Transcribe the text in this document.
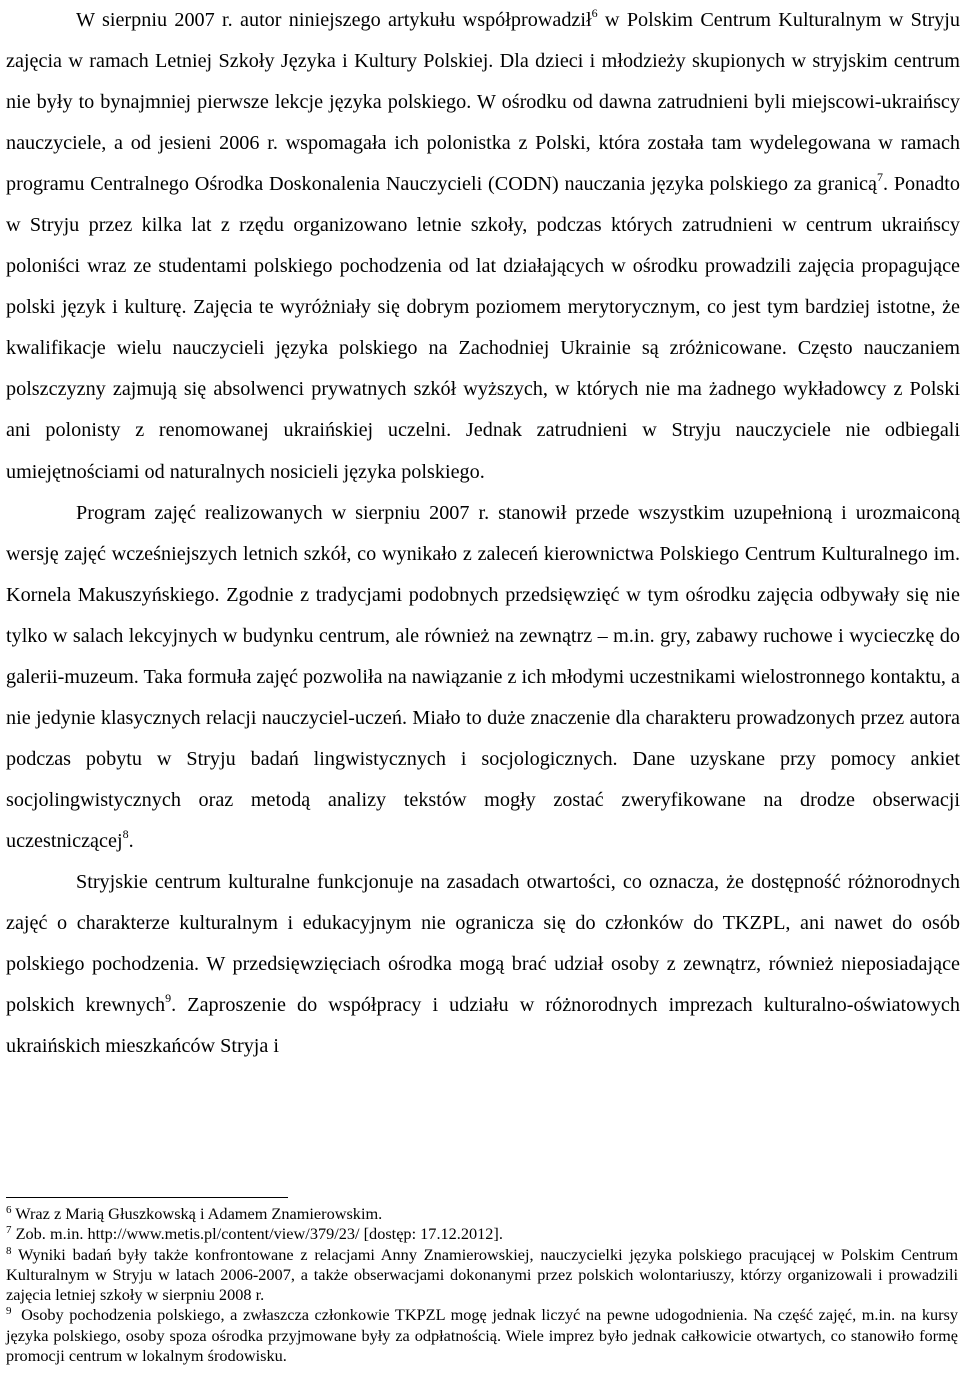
W sierpniu 2007 r. autor niniejszego artykułu współprowadził$^6$ w Polskim Centrum Kulturalnym w Stryju zajęcia w ramach Letniej Szkoły Języka i Kultury Polskiej. Dla dzieci i młodzieży skupionych w stryjskim centrum nie były to bynajmniej pierwsze lekcje języka polskiego. W ośrodku od dawna zatrudnieni byli miejscowi-ukraińscy nauczyciele, a od jesieni 2006 r. wspomagała ich polonistka z Polski, która została tam wydelegowana w ramach programu Centralnego Ośrodka Doskonalenia Nauczycieli (CODN) nauczania języka polskiego za granicą$^7$. Ponadto w Stryju przez kilka lat z rzędu organizowano letnie szkoły, podczas których zatrudnieni w centrum ukraińscy poloniści wraz ze studentami polskiego pochodzenia od lat działających w ośrodku prowadzili zajęcia propagujące polski język i kulturę. Zajęcia te wyróżniały się dobrym poziomem merytorycznym, co jest tym bardziej istotne, że kwalifikacje wielu nauczycieli języka polskiego na Zachodniej Ukrainie są zróżnicowane. Często nauczaniem polszczyzny zajmują się absolwenci prywatnych szkół wyższych, w których nie ma żadnego wykładowcy z Polski ani polonisty z renomowanej ukraińskiej uczelni. Jednak zatrudnieni w Stryju nauczyciele nie odbiegali umiejętnościami od naturalnych nosicieli języka polskiego.

Program zajęć realizowanych w sierpniu 2007 r. stanowił przede wszystkim uzupełnioną i urozmaiconą wersję zajęć wcześniejszych letnich szkół, co wynikało z zaleceń kierownictwa Polskiego Centrum Kulturalnego im. Kornela Makuszyńskiego. Zgodnie z tradycjami podobnych przedsięwzięć w tym ośrodku zajęcia odbywały się nie tylko w salach lekcyjnych w budynku centrum, ale również na zewnątrz – m.in. gry, zabawy ruchowe i wycieczkę do galerii-muzeum. Taka formuła zajęć pozwoliła na nawiązanie z ich młodymi uczestnikami wielostronnego kontaktu, a nie jedynie klasycznych relacji nauczyciel-uczeń. Miało to duże znaczenie dla charakteru prowadzonych przez autora podczas pobytu w Stryju badań lingwistycznych i socjologicznych. Dane uzyskane przy pomocy ankiet socjolingwistycznych oraz metodą analizy tekstów mogły zostać zweryfikowane na drodze obserwacji uczestniczącej$^8$.

Stryjskie centrum kulturalne funkcjonuje na zasadach otwartości, co oznacza, że dostępność różnorodnych zajęć o charakterze kulturalnym i edukacyjnym nie ogranicza się do członków do TKZPL, ani nawet do osób polskiego pochodzenia. W przedsięwzięciach ośrodka mogą brać udział osoby z zewnątrz, również nieposiadające polskich krewnych$^9$. Zaproszenie do współpracy i udziału w różnorodnych imprezach kulturalno-oświatowych ukraińskich mieszkańców Stryja i

$^6$ Wraz z Marią Głuszkowską i Adamem Znamierowskim.

$^7$ Zob. m.in. http://www.metis.pl/content/view/379/23/ [dostęp: 17.12.2012].

$^8$ Wyniki badań były także konfrontowane z relacjami Anny Znamierowskiej, nauczycielki języka polskiego pracującej w Polskim Centrum Kulturalnym w Stryju w latach 2006-2007, a także obserwacjami dokonanymi przez polskich wolontariuszy, którzy organizowali i prowadzili zajęcia letniej szkoły w sierpniu 2008 r.

$^9$ Osoby pochodzenia polskiego, a zwłaszcza członkowie TKPZL mogę jednak liczyć na pewne udogodnienia. Na część zajęć, m.in. na kursy języka polskiego, osoby spoza ośrodka przyjmowane były za odpłatnością. Wiele imprez było jednak całkowicie otwartych, co stanowiło formę promocji centrum w lokalnym środowisku.
